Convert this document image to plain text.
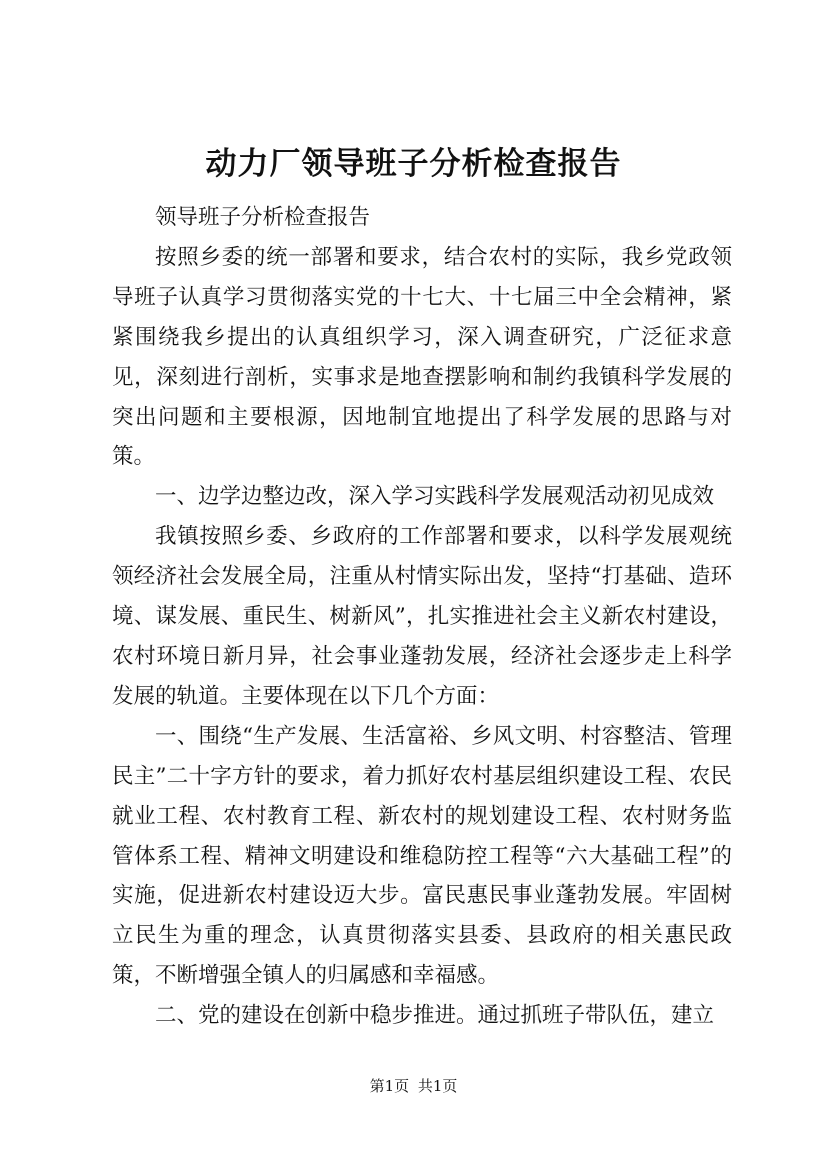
动力厂领导班子分析检查报告

领导班子分析检查报告

按照乡委的统一部署和要求，结合农村的实际，我乡党政领导班子认真学习贯彻落实党的十七大、十七届三中全会精神，紧紧围绕我乡提出的认真组织学习，深入调查研究，广泛征求意见，深刻进行剖析，实事求是地查摆影响和制约我镇科学发展的突出问题和主要根源，因地制宜地提出了科学发展的思路与对策。

一、边学边整边改，深入学习实践科学发展观活动初见成效

我镇按照乡委、乡政府的工作部署和要求，以科学发展观统领经济社会发展全局，注重从村情实际出发，坚持“打基础、造环境、谋发展、重民生、树新风”，扎实推进社会主义新农村建设，农村环境日新月异，社会事业蓬勃发展，经济社会逐步走上科学发展的轨道。主要体现在以下几个方面：

一、围绕“生产发展、生活富裕、乡风文明、村容整洁、管理民主”二十字方针的要求，着力抓好农村基层组织建设工程、农民就业工程、农村教育工程、新农村的规划建设工程、农村财务监管体系工程、精神文明建设和维稳防控工程等“六大基础工程”的实施，促进新农村建设迈大步。富民惠民事业蓬勃发展。牢固树立民生为重的理念，认真贯彻落实县委、县政府的相关惠民政策，不断增强全镇人的归属感和幸福感。

二、党的建设在创新中稳步推进。通过抓班子带队伍，建立

第1页 共1页
